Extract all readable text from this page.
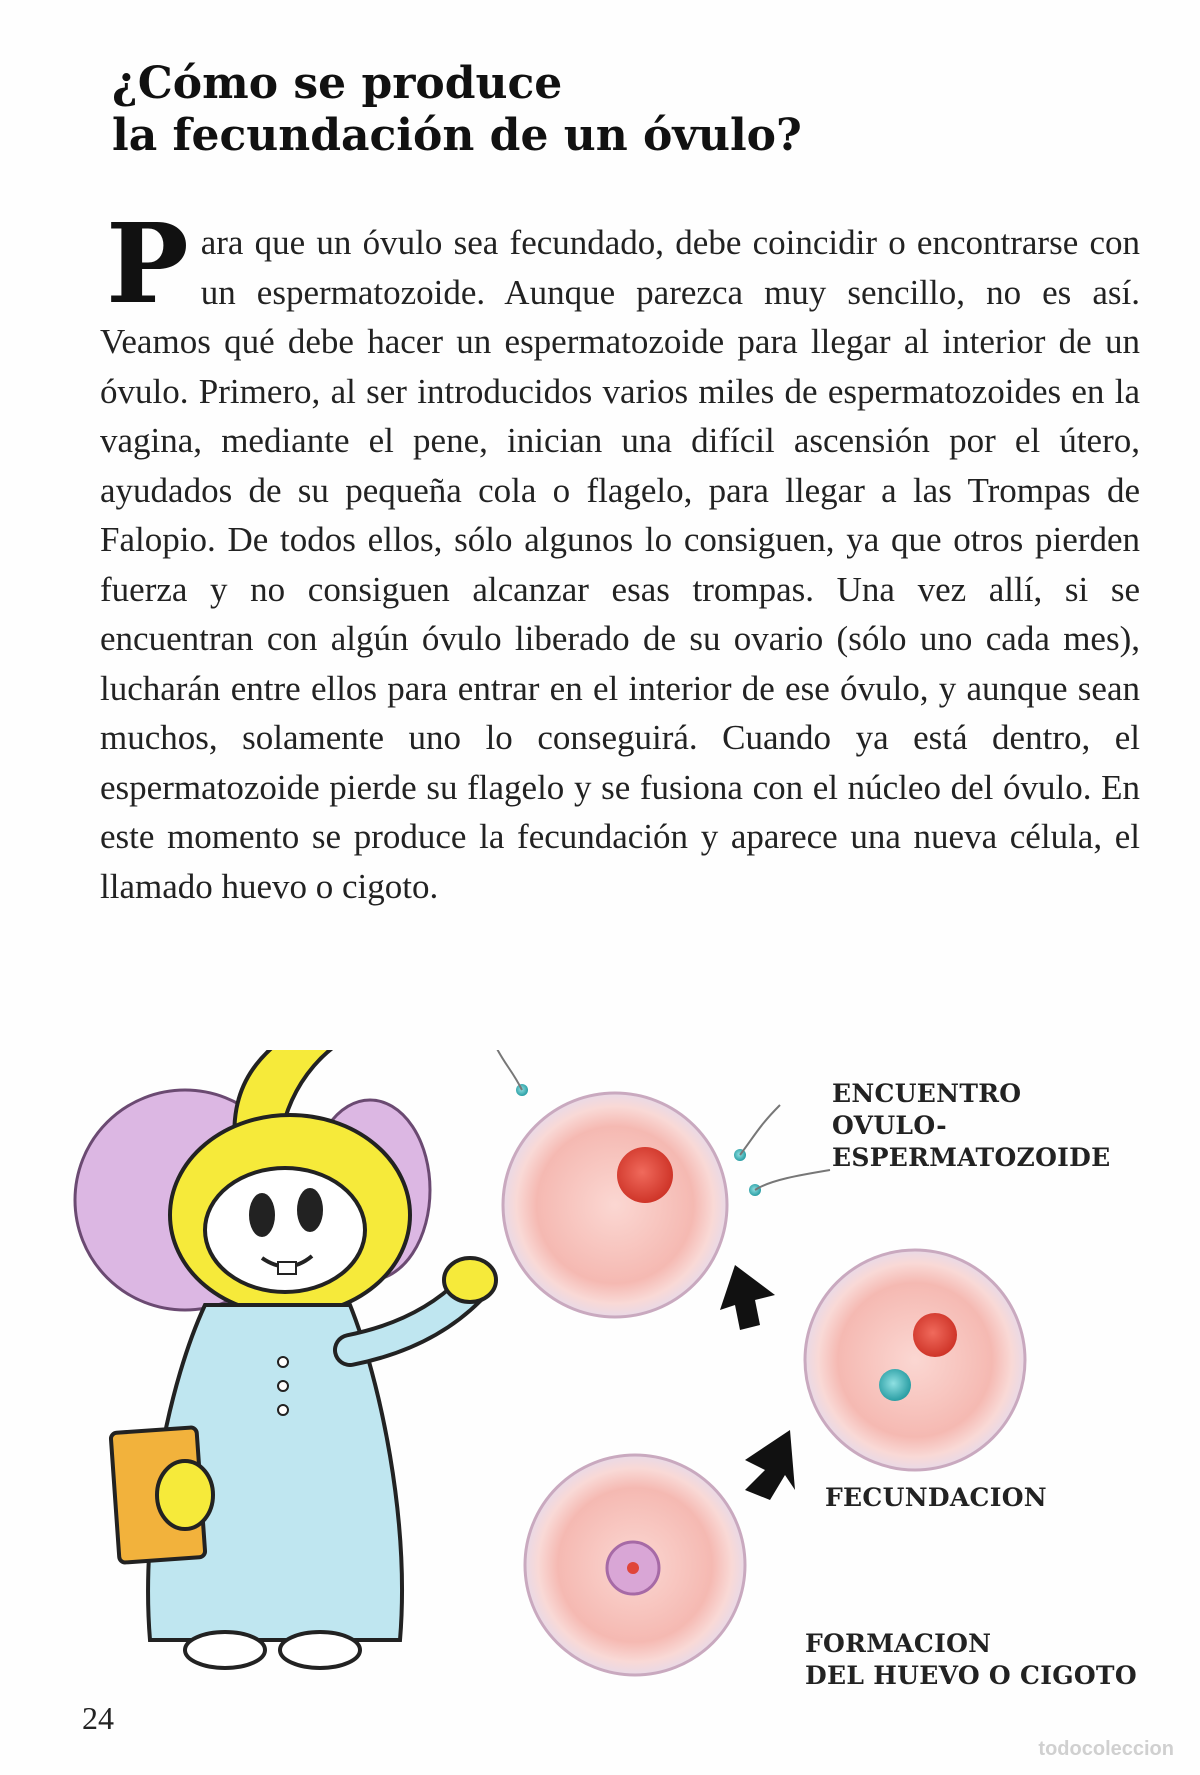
¿Cómo se produce
la fecundación de un óvulo?

Para que un óvulo sea fecundado, debe coincidir o encontrarse con un espermatozoide. Aunque parezca muy sencillo, no es así. Veamos qué debe hacer un espermatozoide para llegar al interior de un óvulo. Primero, al ser introducidos varios miles de espermatozoides en la vagina, mediante el pene, inician una difícil ascensión por el útero, ayudados de su pequeña cola o flagelo, para llegar a las Trompas de Falopio. De todos ellos, sólo algunos lo consiguen, ya que otros pierden fuerza y no consiguen alcanzar esas trompas. Una vez allí, si se encuentran con algún óvulo liberado de su ovario (sólo uno cada mes), lucharán entre ellos para entrar en el interior de ese óvulo, y aunque sean muchos, solamente uno lo conseguirá. Cuando ya está dentro, el espermatozoide pierde su flagelo y se fusiona con el núcleo del óvulo. En este momento se produce la fecundación y aparece una nueva célula, el llamado huevo o cigoto.

ENCUENTRO
OVULO-
ESPERMATOZOIDE
FECUNDACION
FORMACION
DEL HUEVO O CIGOTO
24
todocoleccion
